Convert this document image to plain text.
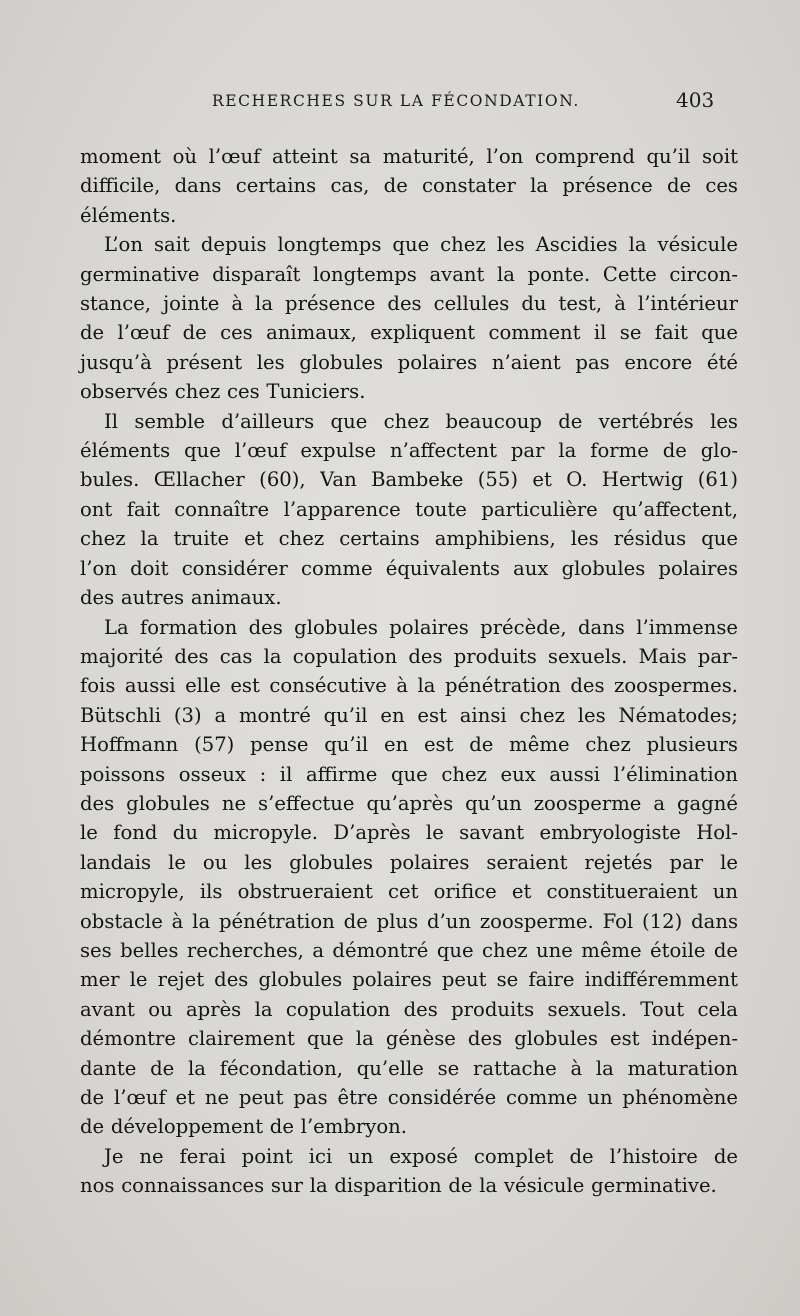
RECHERCHES SUR LA FÉCONDATION.	403

moment où l’œuf atteint sa maturité, l’on comprend qu’il soit
difficile, dans certains cas, de constater la présence de ces
éléments.

L’on sait depuis longtemps que chez les Ascidies la vésicule
germinative disparaît longtemps avant la ponte. Cette circon-
stance, jointe à la présence des cellules du test, à l’intérieur
de l’œuf de ces animaux, expliquent comment il se fait que
jusqu’à présent les globules polaires n’aient pas encore été
observés chez ces Tuniciers.

Il semble d’ailleurs que chez beaucoup de vertébrés les
éléments que l’œuf expulse n’affectent par la forme de glo-
bules. Œllacher (60), Van Bambeke (55) et O. Hertwig (61)
ont fait connaître l’apparence toute particulière qu’affectent,
chez la truite et chez certains amphibiens, les résidus que
l’on doit considérer comme équivalents aux globules polaires
des autres animaux.

La formation des globules polaires précède, dans l’immense
majorité des cas la copulation des produits sexuels. Mais par-
fois aussi elle est consécutive à la pénétration des zoospermes.
Bütschli (3) a montré qu’il en est ainsi chez les Nématodes;
Hoffmann (57) pense qu’il en est de même chez plusieurs
poissons osseux : il affirme que chez eux aussi l’élimination
des globules ne s’effectue qu’après qu’un zoosperme a gagné
le fond du micropyle. D’après le savant embryologiste Hol-
landais le ou les globules polaires seraient rejetés par le
micropyle, ils obstrueraient cet orifice et constitueraient un
obstacle à la pénétration de plus d’un zoosperme. Fol (12) dans
ses belles recherches, a démontré que chez une même étoile de
mer le rejet des globules polaires peut se faire indifféremment
avant ou après la copulation des produits sexuels. Tout cela
démontre clairement que la génèse des globules est indépen-
dante de la fécondation, qu’elle se rattache à la maturation
de l’œuf et ne peut pas être considérée comme un phénomène
de développement de l’embryon.

Je ne ferai point ici un exposé complet de l’histoire de
nos connaissances sur la disparition de la vésicule germinative.
